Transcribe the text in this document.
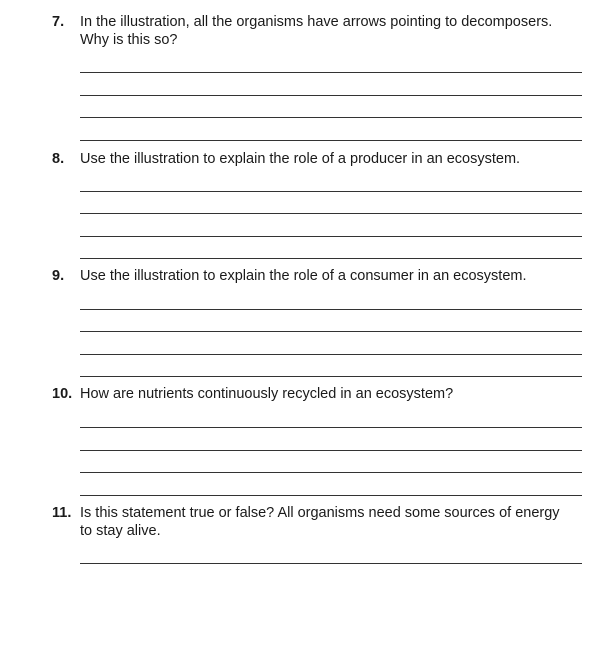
7. In the illustration, all the organisms have arrows pointing to decomposers.
Why is this so?
8. Use the illustration to explain the role of a producer in an ecosystem.
9. Use the illustration to explain the role of a consumer in an ecosystem.
10. How are nutrients continuously recycled in an ecosystem?
11. Is this statement true or false? All organisms need some sources of energy
to stay alive.
